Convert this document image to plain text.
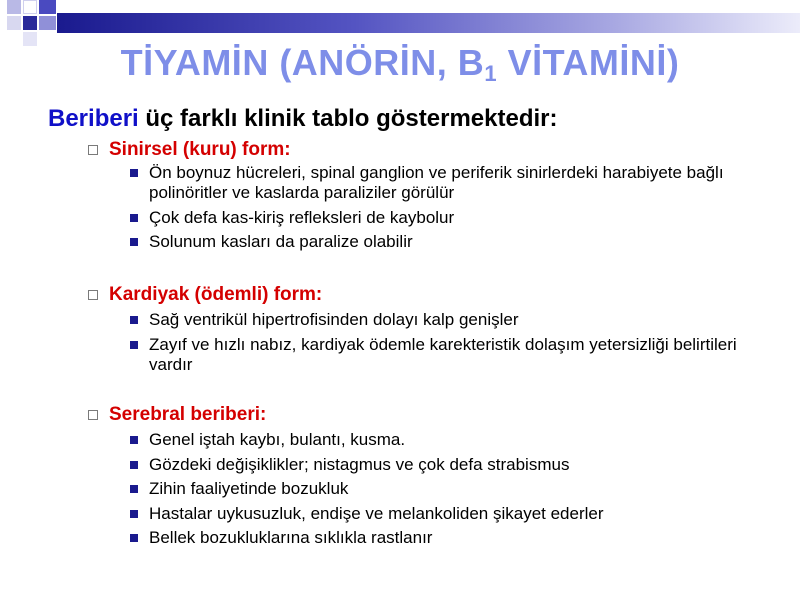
TİYAMİN (ANÖRİN, $B_1$ VİTAMİNİ)
Beriberi üç farklı klinik tablo göstermektedir:
Sinirsel (kuru) form:
Ön boynuz hücreleri, spinal ganglion ve periferik sinirlerdeki harabiyete bağlı polinöritler ve kaslarda paraliziler görülür
Çok defa kas-kiriş refleksleri de kaybolur
Solunum kasları da paralize olabilir
Kardiyak (ödemli) form:
Sağ ventrikül hipertrofisinden dolayı kalp genişler
Zayıf ve hızlı nabız, kardiyak ödemle karekteristik dolaşım yetersizliği belirtileri vardır
Serebral beriberi:
Genel iştah kaybı, bulantı, kusma.
Gözdeki değişiklikler; nistagmus ve çok defa strabismus
Zihin faaliyetinde bozukluk
Hastalar uykusuzluk, endişe ve melankoliden şikayet ederler
Bellek bozukluklarına sıklıkla rastlanır
